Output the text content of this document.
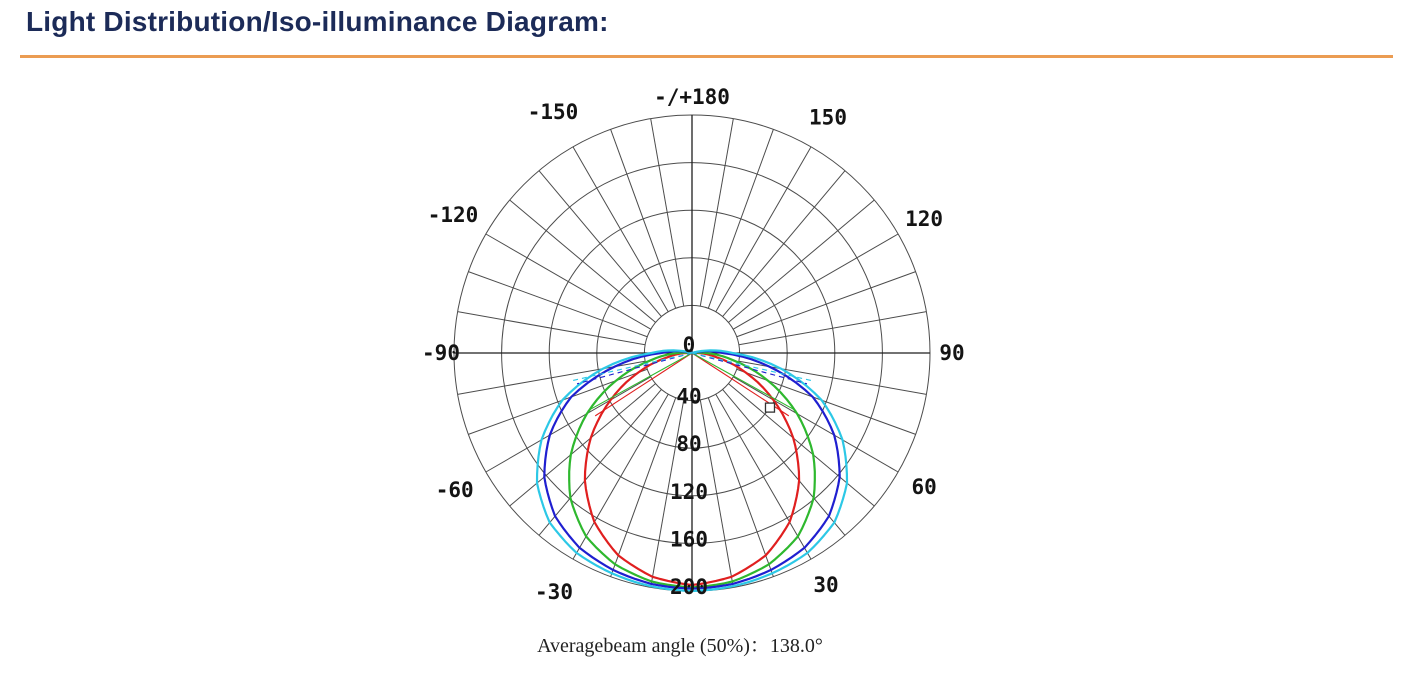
Light Distribution/Iso-illuminance Diagram:
-/+180
150
120
90
60
30
-30
-60
-90
-120
-150
0
40
80
120
160
200
Averagebeam angle (50%)：138.0°
